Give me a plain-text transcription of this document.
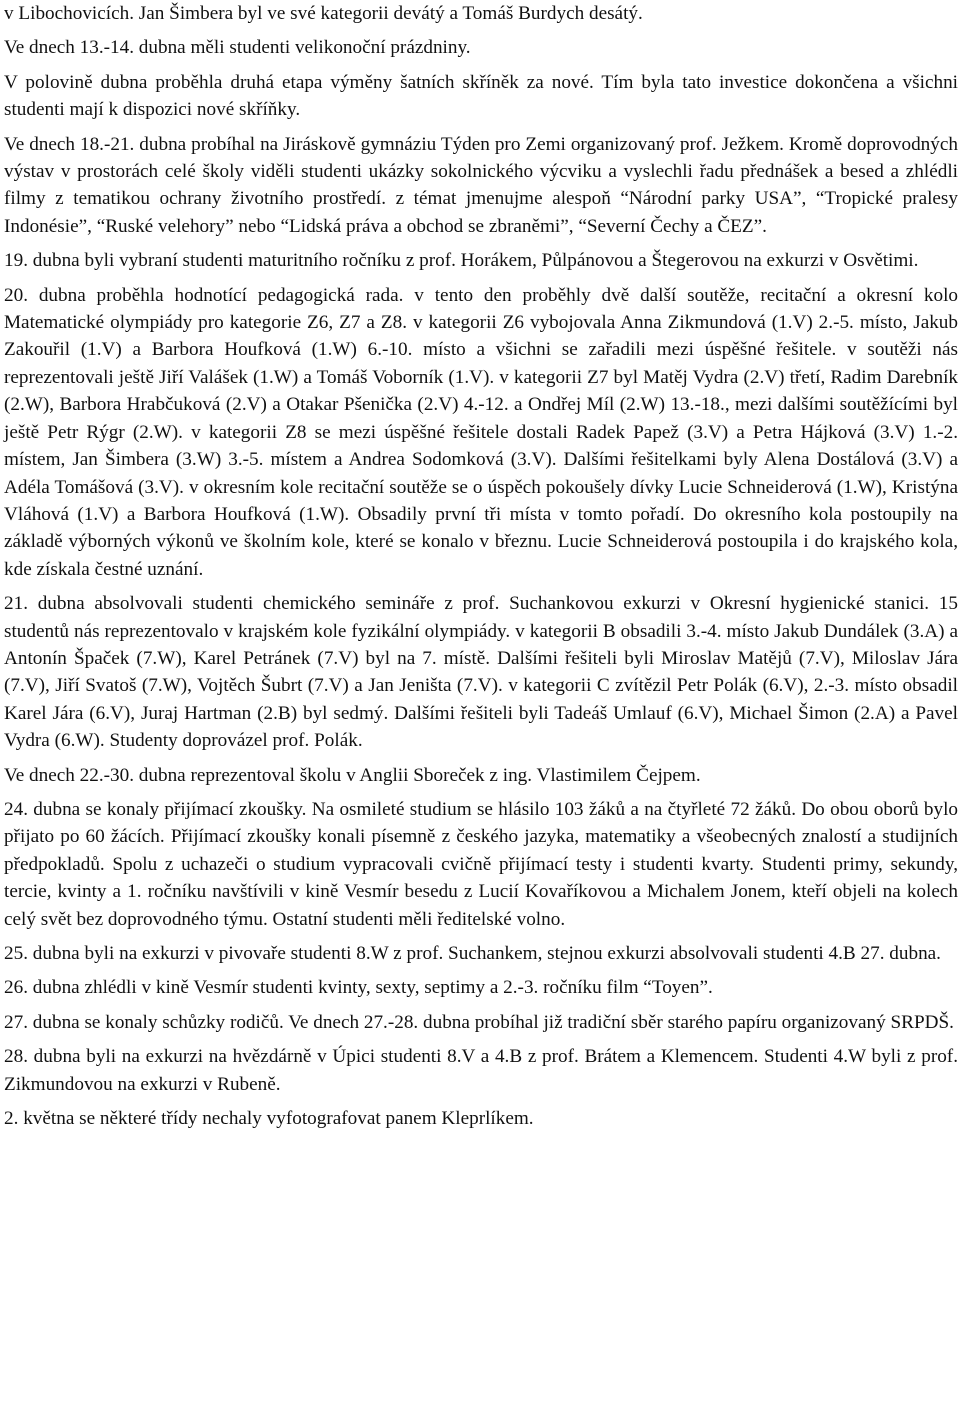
v Libochovicích. Jan Šimbera byl ve své kategorii devátý a Tomáš Burdych desátý.

Ve dnech 13.-14. dubna měli studenti velikonoční prázdniny.

V polovině dubna proběhla druhá etapa výměny šatních skříněk za nové. Tím byla tato investice dokončena a všichni studenti mají k dispozici nové skříňky.

Ve dnech 18.-21. dubna probíhal na Jiráskově gymnáziu Týden pro Zemi organizovaný prof. Ježkem. Kromě doprovodných výstav v prostorách celé školy viděli studenti ukázky sokolnického výcviku a vyslechli řadu přednášek a besed a zhlédli filmy z tematikou ochrany životního prostředí. z témat jmenujme alespoň “Národní parky USA”, “Tropické pralesy Indonésie”, “Ruské velehory” nebo “Lidská práva a obchod se zbraněmi”, “Severní Čechy a ČEZ”.

19. dubna byli vybraní studenti maturitního ročníku z prof. Horákem, Půlpánovou a Štegerovou na exkurzi v Osvětimi.

20. dubna proběhla hodnotící pedagogická rada. v tento den proběhly dvě další soutěže, recitační a okresní kolo Matematické olympiády pro kategorie Z6, Z7 a Z8. v kategorii Z6 vybojovala Anna Zikmundová (1.V) 2.-5. místo, Jakub Zakouřil (1.V) a Barbora Houfková (1.W) 6.-10. místo a všichni se zařadili mezi úspěšné řešitele. v soutěži nás reprezentovali ještě Jiří Valášek (1.W) a Tomáš Voborník (1.V). v kategorii Z7 byl Matěj Vydra (2.V) třetí, Radim Darebník (2.W), Barbora Hrabčuková (2.V) a Otakar Pšenička (2.V) 4.-12. a Ondřej Míl (2.W) 13.-18., mezi dalšími soutěžícími byl ještě Petr Rýgr (2.W). v kategorii Z8 se mezi úspěšné řešitele dostali Radek Papež (3.V) a Petra Hájková (3.V) 1.-2. místem, Jan Šimbera (3.W) 3.-5. místem a Andrea Sodomková (3.V). Dalšími řešitelkami byly Alena Dostálová (3.V) a Adéla Tomášová (3.V). v okresním kole recitační soutěže se o úspěch pokoušely dívky Lucie Schneiderová (1.W), Kristýna Vláhová (1.V) a Barbora Houfková (1.W). Obsadily první tři místa v tomto pořadí. Do okresního kola postoupily na základě výborných výkonů ve školním kole, které se konalo v březnu. Lucie Schneiderová postoupila i do krajského kola, kde získala čestné uznání.

21. dubna absolvovali studenti chemického semináře z prof. Suchankovou exkurzi v Okresní hygienické stanici. 15 studentů nás reprezentovalo v krajském kole fyzikální olympiády. v kategorii B obsadili 3.-4. místo Jakub Dundálek (3.A) a Antonín Špaček (7.W), Karel Petránek (7.V) byl na 7. místě. Dalšími řešiteli byli Miroslav Matějů (7.V), Miloslav Jára (7.V), Jiří Svatoš (7.W), Vojtěch Šubrt (7.V) a Jan Jeništa (7.V). v kategorii C zvítězil Petr Polák (6.V), 2.-3. místo obsadil Karel Jára (6.V), Juraj Hartman (2.B) byl sedmý. Dalšími řešiteli byli Tadeáš Umlauf (6.V), Michael Šimon (2.A) a Pavel Vydra (6.W). Studenty doprovázel prof. Polák.

Ve dnech 22.-30. dubna reprezentoval školu v Anglii Sboreček z ing. Vlastimilem Čejpem.

24. dubna se konaly přijímací zkoušky. Na osmileté studium se hlásilo 103 žáků a na čtyřleté 72 žáků. Do obou oborů bylo přijato po 60 žácích. Přijímací zkoušky konali písemně z českého jazyka, matematiky a všeobecných znalostí a studijních předpokladů. Spolu z uchazeči o studium vypracovali cvičně přijímací testy i studenti kvarty. Studenti primy, sekundy, tercie, kvinty a 1. ročníku navštívili v kině Vesmír besedu z Lucií Kovaříkovou a Michalem Jonem, kteří objeli na kolech celý svět bez doprovodného týmu. Ostatní studenti měli ředitelské volno.

25. dubna byli na exkurzi v pivovaře studenti 8.W z prof. Suchankem, stejnou exkurzi absolvovali studenti 4.B 27. dubna.

26. dubna zhlédli v kině Vesmír studenti kvinty, sexty, septimy a 2.-3. ročníku film “Toyen”.

27. dubna se konaly schůzky rodičů. Ve dnech 27.-28. dubna probíhal již tradiční sběr starého papíru organizovaný SRPDŠ.

28. dubna byli na exkurzi na hvězdárně v Úpici studenti 8.V a 4.B z prof. Brátem a Klemencem. Studenti 4.W byli z prof. Zikmundovou na exkurzi v Rubeně.

2. května se některé třídy nechaly vyfotografovat panem Kleprlíkem.
